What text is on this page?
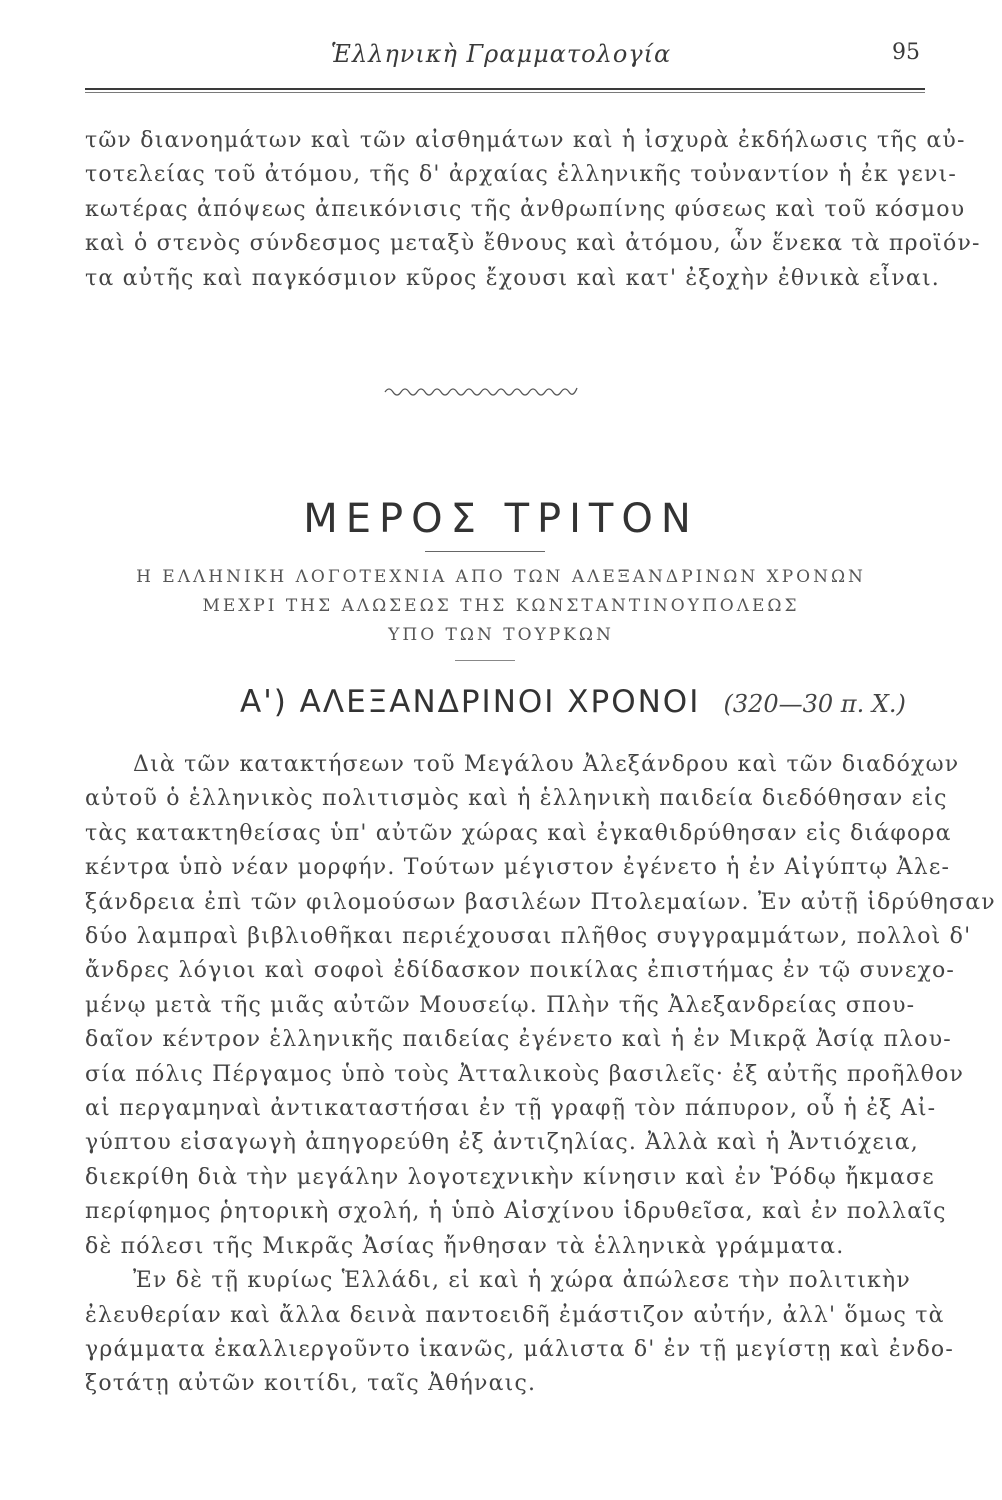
Ἑλληνικὴ Γραμματολογία	95
τῶν διανοημάτων καὶ τῶν αἰσθημάτων καὶ ἡ ἰσχυρὰ ἐκδήλωσις τῆς αὐ-
τοτελείας τοῦ ἀτόμου, τῆς δ' ἀρχαίας ἑλληνικῆς τοὐναντίον ἡ ἐκ γενι-
κωτέρας ἀπόψεως ἀπεικόνισις τῆς ἀνθρωπίνης φύσεως καὶ τοῦ κόσμου
καὶ ὁ στενὸς σύνδεσμος μεταξὺ ἔθνους καὶ ἀτόμου, ὧν ἕνεκα τὰ προϊόν-
τα αὐτῆς καὶ παγκόσμιον κῦρος ἔχουσι καὶ κατ' ἐξοχὴν ἐθνικὰ εἶναι.
ΜΕΡΟΣ ΤΡΙΤΟΝ
Η ΕΛΛΗΝΙΚΗ ΛΟΓΟΤΕΧΝΙΑ ΑΠΟ ΤΩΝ ΑΛΕΞΑΝΔΡΙΝΩΝ ΧΡΟΝΩΝ
ΜΕΧΡΙ ΤΗΣ ΑΛΩΣΕΩΣ ΤΗΣ ΚΩΝΣΤΑΝΤΙΝΟΥΠΟΛΕΩΣ
ΥΠΟ ΤΩΝ ΤΟΥΡΚΩΝ
Α') ΑΛΕΞΑΝΔΡΙΝΟΙ ΧΡΟΝΟΙ (320—30 π. Χ.)
Διὰ τῶν κατακτήσεων τοῦ Μεγάλου Ἀλεξάνδρου καὶ τῶν διαδόχων
αὐτοῦ ὁ ἑλληνικὸς πολιτισμὸς καὶ ἡ ἑλληνικὴ παιδεία διεδόθησαν εἰς
τὰς κατακτηθείσας ὑπ' αὐτῶν χώρας καὶ ἐγκαθιδρύθησαν εἰς διάφορα
κέντρα ὑπὸ νέαν μορφήν. Τούτων μέγιστον ἐγένετο ἡ ἐν Αἰγύπτῳ Ἀλε-
ξάνδρεια ἐπὶ τῶν φιλομούσων βασιλέων Πτολεμαίων. Ἐν αὐτῇ ἱδρύθησαν
δύο λαμπραὶ βιβλιοθῆκαι περιέχουσαι πλῆθος συγγραμμάτων, πολλοὶ δ'
ἄνδρες λόγιοι καὶ σοφοὶ ἐδίδασκον ποικίλας ἐπιστήμας ἐν τῷ συνεχο-
μένῳ μετὰ τῆς μιᾶς αὐτῶν Μουσείῳ. Πλὴν τῆς Ἀλεξανδρείας σπου-
δαῖον κέντρον ἑλληνικῆς παιδείας ἐγένετο καὶ ἡ ἐν Μικρᾷ Ἀσίᾳ πλου-
σία πόλις Πέργαμος ὑπὸ τοὺς Ἀτταλικοὺς βασιλεῖς· ἐξ αὐτῆς προῆλθον
αἱ περγαμηναὶ ἀντικαταστήσαι ἐν τῇ γραφῇ τὸν πάπυρον, οὗ ἡ ἐξ Αἰ-
γύπτου εἰσαγωγὴ ἀπηγορεύθη ἐξ ἀντιζηλίας. Ἀλλὰ καὶ ἡ Ἀντιόχεια,
διεκρίθη διὰ τὴν μεγάλην λογοτεχνικὴν κίνησιν καὶ ἐν Ῥόδῳ ἤκμασε
περίφημος ῥητορικὴ σχολή, ἡ ὑπὸ Αἰσχίνου ἱδρυθεῖσα, καὶ ἐν πολλαῖς
δὲ πόλεσι τῆς Μικρᾶς Ἀσίας ἤνθησαν τὰ ἑλληνικὰ γράμματα.
Ἐν δὲ τῇ κυρίως Ἑλλάδι, εἰ καὶ ἡ χώρα ἀπώλεσε τὴν πολιτικὴν
ἐλευθερίαν καὶ ἄλλα δεινὰ παντοειδῆ ἐμάστιζον αὐτήν, ἀλλ' ὅμως τὰ
γράμματα ἐκαλλιεργοῦντο ἱκανῶς, μάλιστα δ' ἐν τῇ μεγίστῃ καὶ ἐνδο-
ξοτάτῃ αὐτῶν κοιτίδι, ταῖς Ἀθήναις.
